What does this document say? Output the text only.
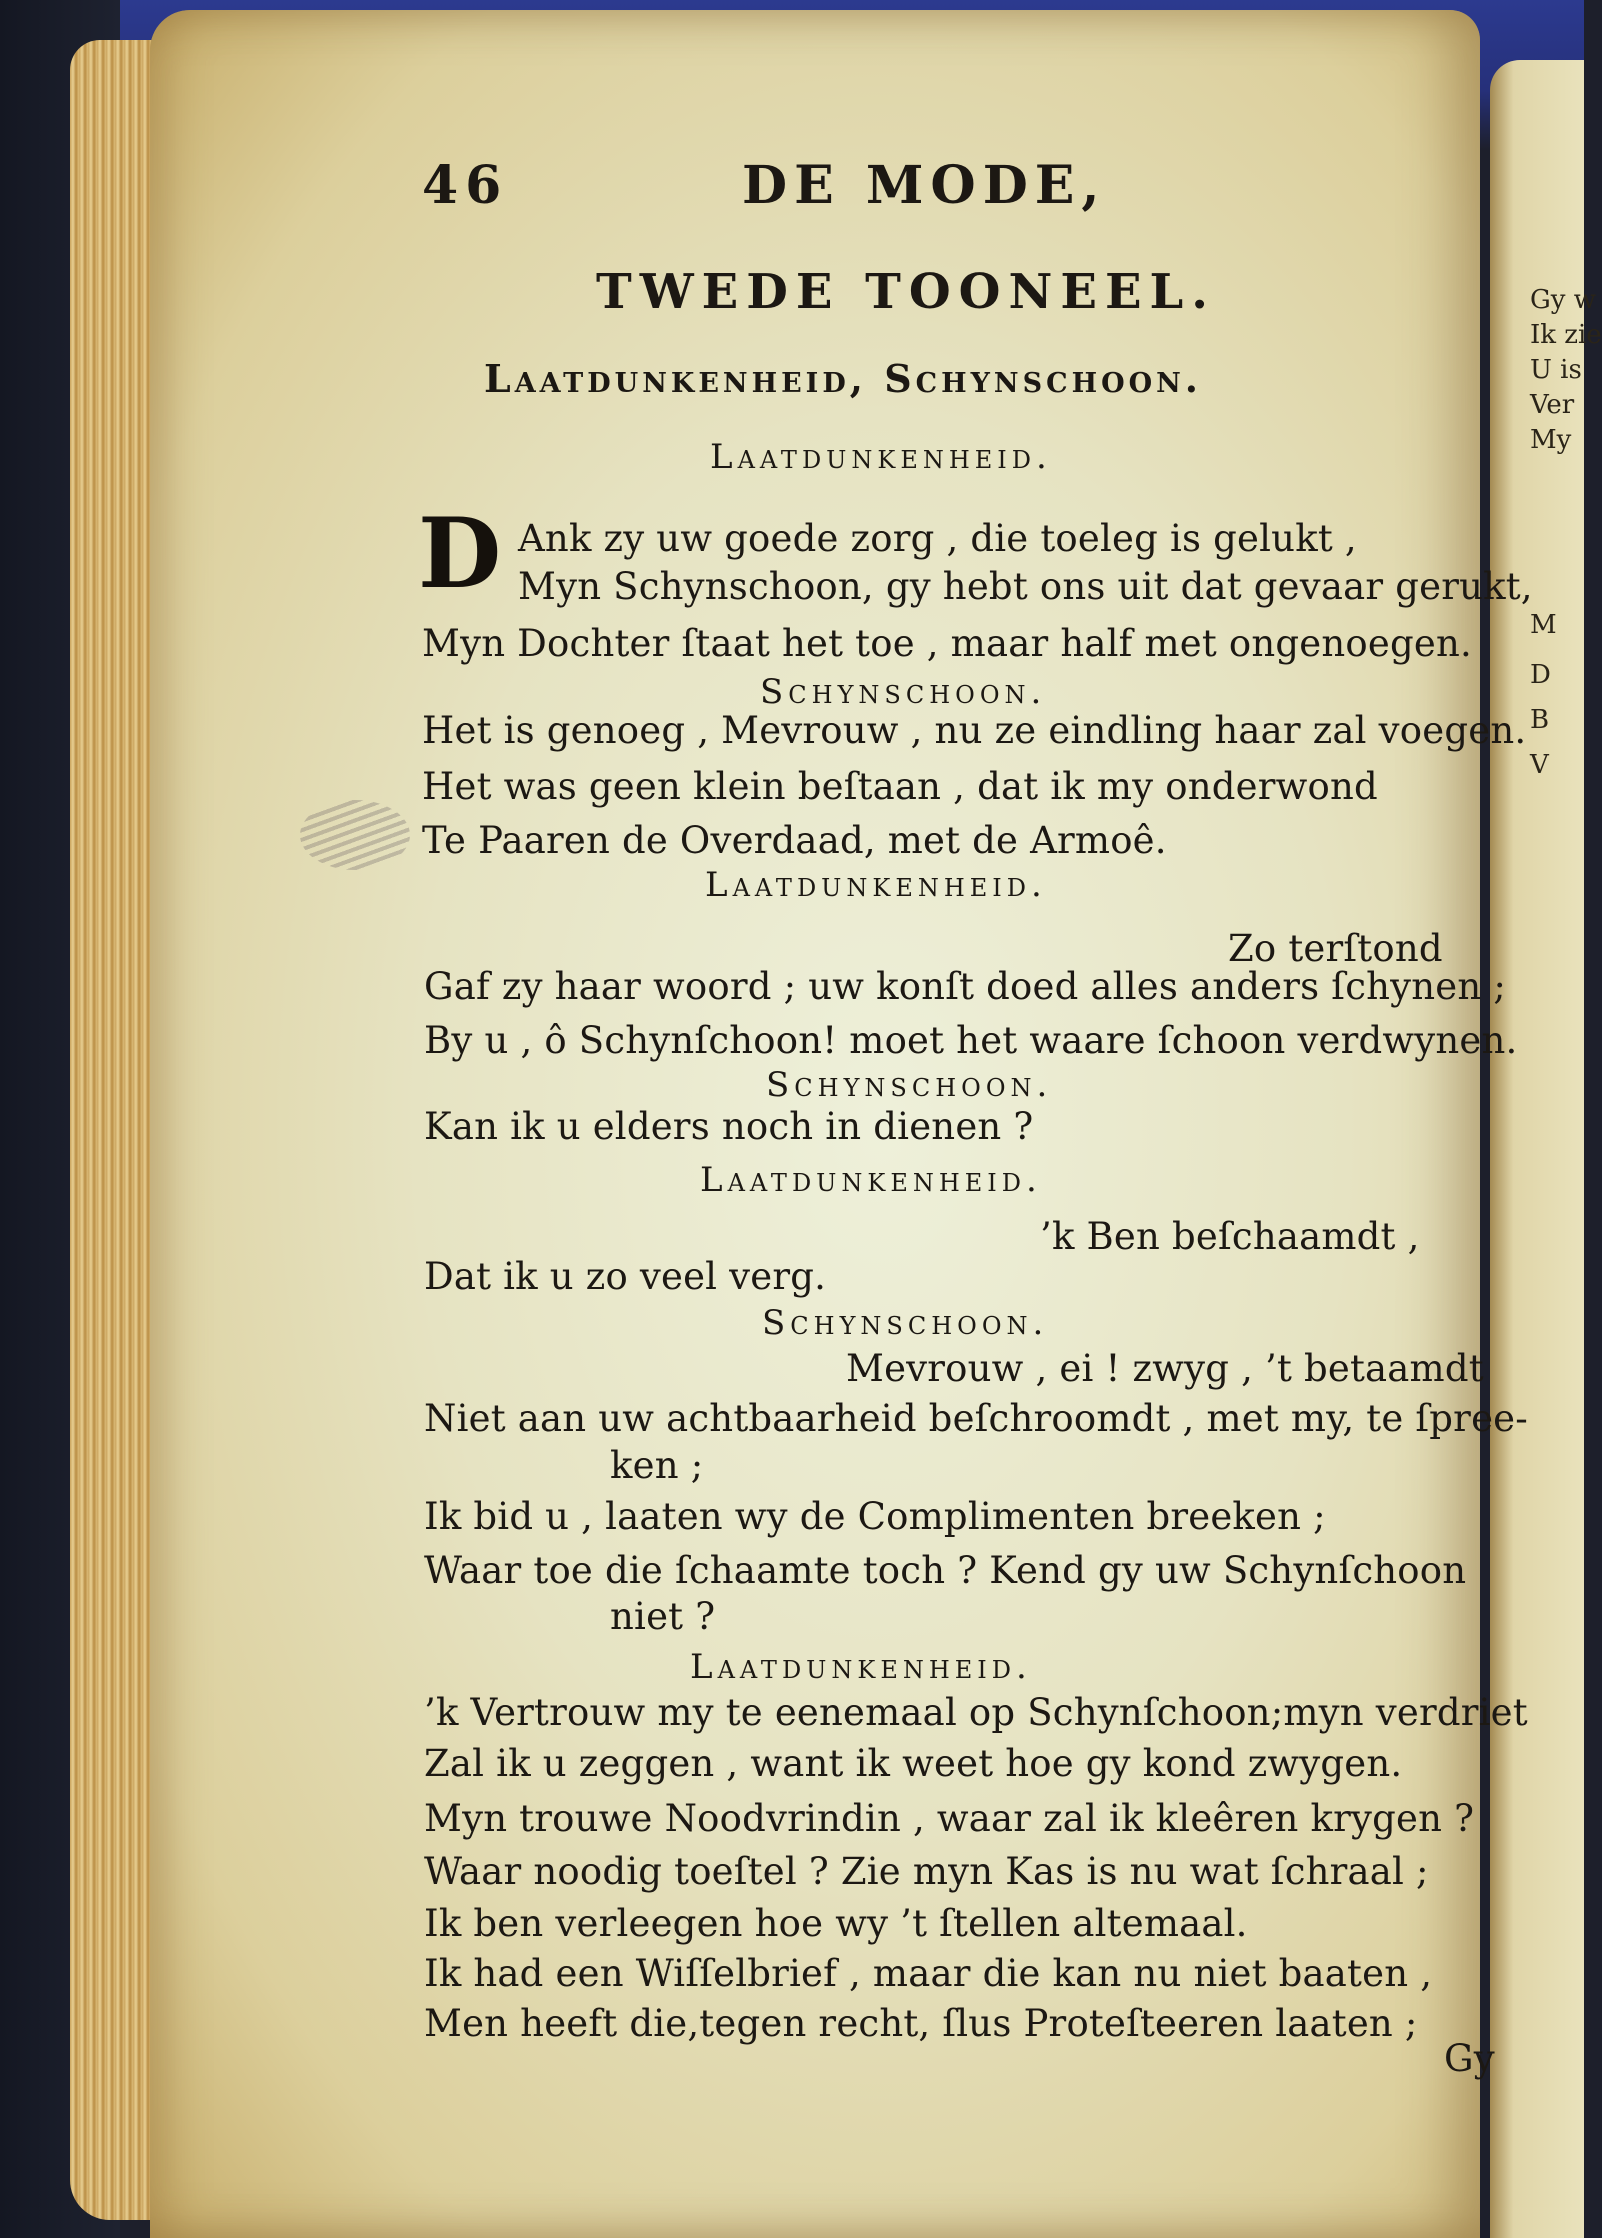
Gy w
Ik zie
U is
Ver
My
M
D
B
V
46	DE MODE,
TWEDE TOONEEL.
Laatdunkenheid, Schynschoon.
D
Laatdunkenheid.
Ank zy uw goede zorg , die toeleg is gelukt ,
Myn Schynschoon, gy hebt ons uit dat gevaar gerukt,
Myn Dochter ſtaat het toe , maar half met ongenoegen.
Schynschoon.
Het is genoeg , Mevrouw , nu ze eindling haar zal voegen.
Het was geen klein beſtaan , dat ik my onderwond
Te Paaren de Overdaad, met de Armoê.
Laatdunkenheid.
Zo terſtond
Gaf zy haar woord ; uw konſt doed alles anders ſchynen ;
By u , ô Schynſchoon! moet het waare ſchoon verdwynen.
Schynschoon.
Kan ik u elders noch in dienen ?
Laatdunkenheid.
’k Ben beſchaamdt ,
Dat ik u zo veel verg.
Schynschoon.
Mevrouw , ei ! zwyg , ’t betaamdt
Niet aan uw achtbaarheid beſchroomdt , met my, te ſpree-
ken ;
Ik bid u , laaten wy de Complimenten breeken ;
Waar toe die ſchaamte toch ? Kend gy uw Schynſchoon
niet ?
Laatdunkenheid.
’k Vertrouw my te eenemaal op Schynſchoon;myn verdriet
Zal ik u zeggen , want ik weet hoe gy kond zwygen.
Myn trouwe Noodvrindin , waar zal ik kleêren krygen ?
Waar noodig toeſtel ? Zie myn Kas is nu wat ſchraal ;
Ik ben verleegen hoe wy ’t ſtellen altemaal.
Ik had een Wiſſelbrief , maar die kan nu niet baaten ,
Men heeft die,tegen recht, ſlus Proteſteeren laaten ;
Gy
